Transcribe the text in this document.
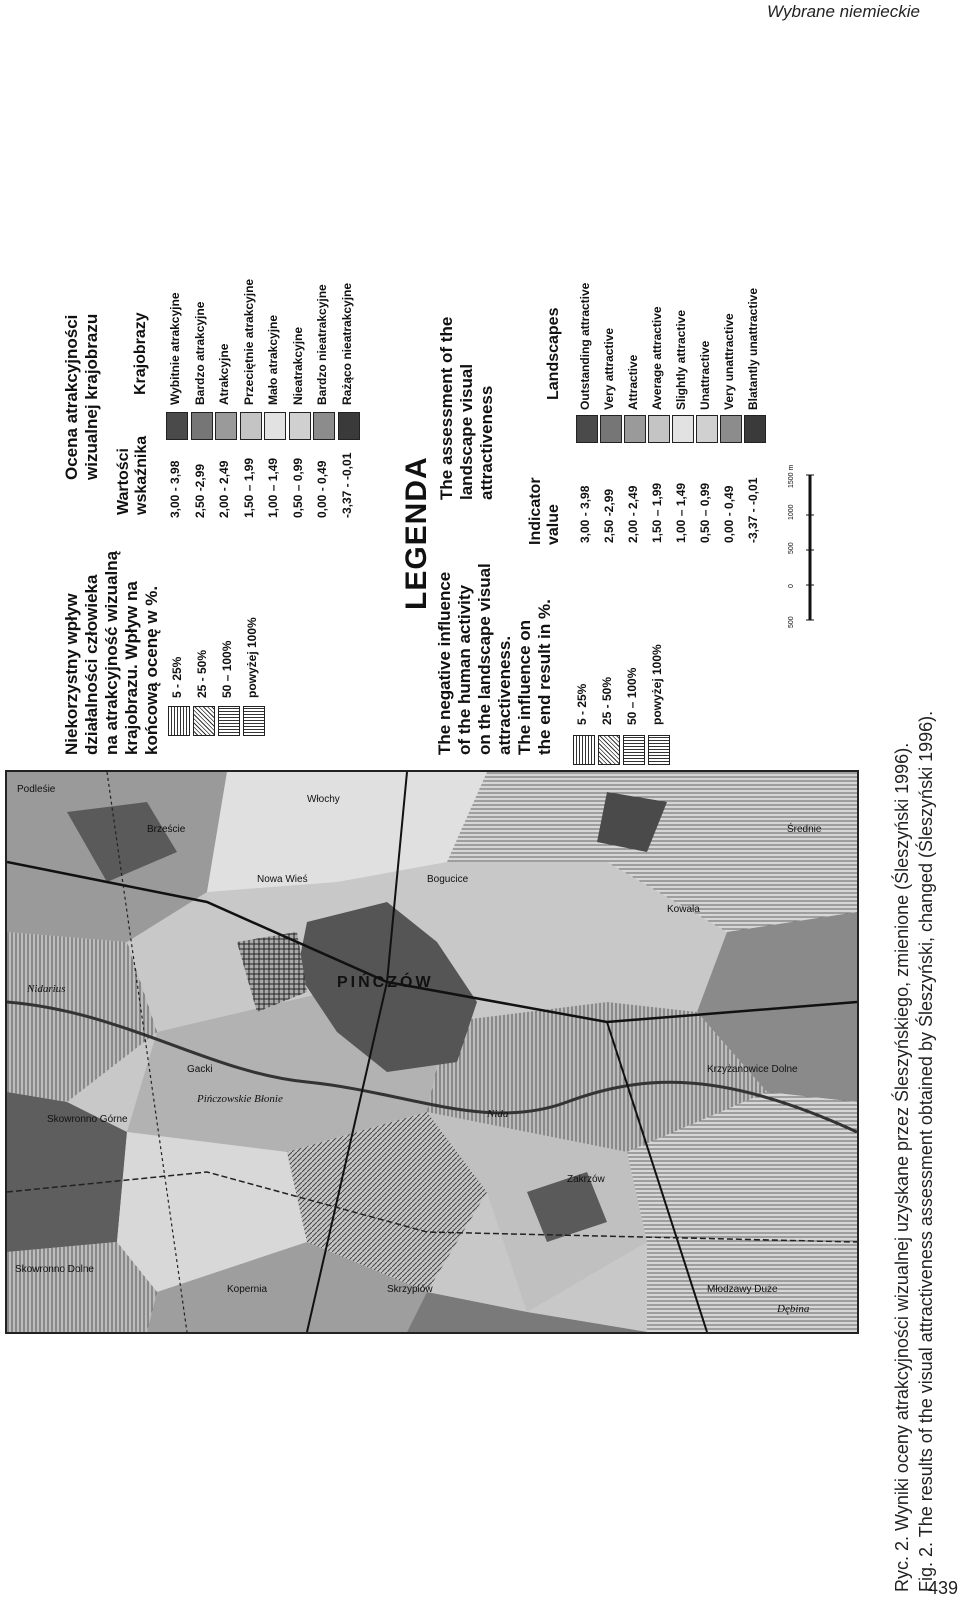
Wybrane niemieckie
PIŃCZÓW
Skowronno Dolne
Skowronno Górne
Brzeście
Podleśie
Nowa Wieś
Włochy
Kopernia	Skrzypiów
Zakrzów
Kowala
Krzyżanowice Dolne
Średnie
Młodzawy Duże
Gacki
Bogucice
Nidarius
Pińczowskie Błonie
Nida
Dębina
LEGENDA
Niekorzystny wpływ działalności człowieka na atrakcyjność wizualną krajobrazu. Wpływ na końcową ocenę w %. 5 - 25% 25 - 50% 50 – 100% powyżej 100%
Ocena atrakcyjności wizualnej krajobrazu
Wartości wskaźnika
Krajobrazy
3,00 - 3,98
Wybitnie atrakcyjne
2,50 -2,99
Bardzo atrakcyjne
2,00 - 2,49
Atrakcyjne
1,50 – 1,99
Przeciętnie atrakcyjne
1,00 – 1,49
Mało atrakcyjne
0,50 – 0,99
Nieatrakcyjne
0,00 - 0,49
Bardzo nieatrakcyjne
-3,37 - -0,01
Rażąco nieatrakcyjne
The negative influence of the human activity on the landscape visual attractiveness. The influence on the end result in %. 5 - 25% 25 - 50% 50 – 100% powyżej 100%
The assessment of the landscape visual attractiveness
Indicator value
Landscapes
3,00 - 3,98
Outstanding attractive
2,50 -2,99
Very attractive
2,00 - 2,49
Attractive
1,50 – 1,99
Average attractive
1,00 – 1,49
Slightly attractive
0,50 – 0,99
Unattractive
0,00 - 0,49
Very unattractive
-3,37 - -0,01
Blatantly unattractive
500
0
500
1000
1500 m
Ryc. 2. Wyniki oceny atrakcyjności wizualnej uzyskane przez Śleszyńskiego, zmienione (Śleszyński 1996). Fig. 2. The results of the visual attractiveness assessment obtained by Śleszyński, changed (Śleszyński 1996).
439
